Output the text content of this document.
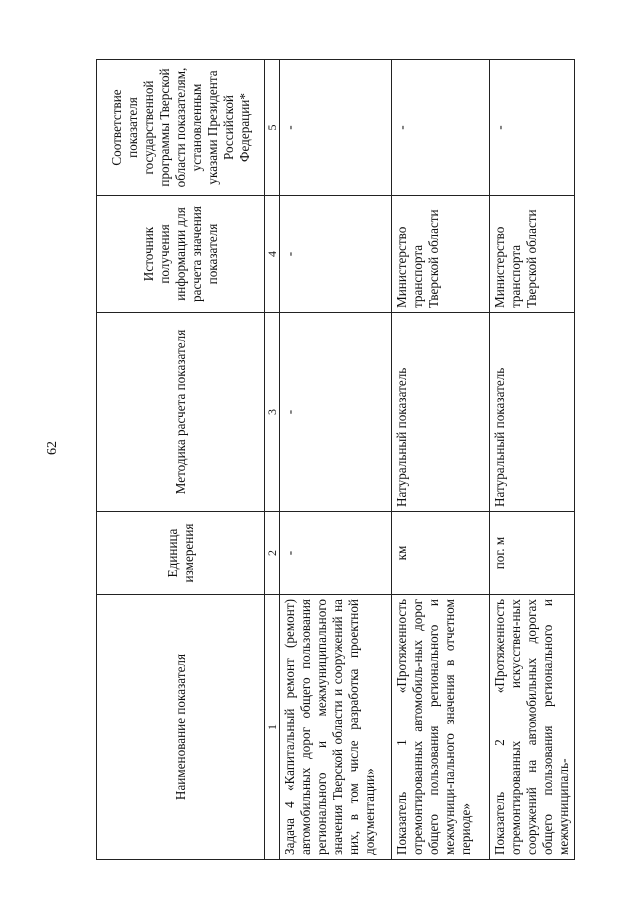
62
Наименование показателя	Единица измерения	Методика расчета показателя	Источник получения информации для расчета значения показателя	Соответствие показателя государственной программы Тверской области показателям, установленным указами Президента Российской Федерации*
1	2	3	4	5
Задача 4 «Капитальный ремонт (ремонт) автомобильных дорог общего пользования регионального и межмуниципального значения Тверской области и сооружений на них, в том числе разработка проектной документации»	-	-	-	-
Показатель 1 «Протяженность отремонтированных автомобиль-ных дорог общего пользования регионального и межмуници-пального значения в отчетном периоде»	км	Натуральный показатель	Министерство транспорта Тверской области	-
Показатель 2 «Протяженность отремонтированных искусствен-ных сооружений на автомобильных дорогах общего пользования регионального и межмуниципаль-	пог. м	Натуральный показатель	Министерство транспорта Тверской области	-
